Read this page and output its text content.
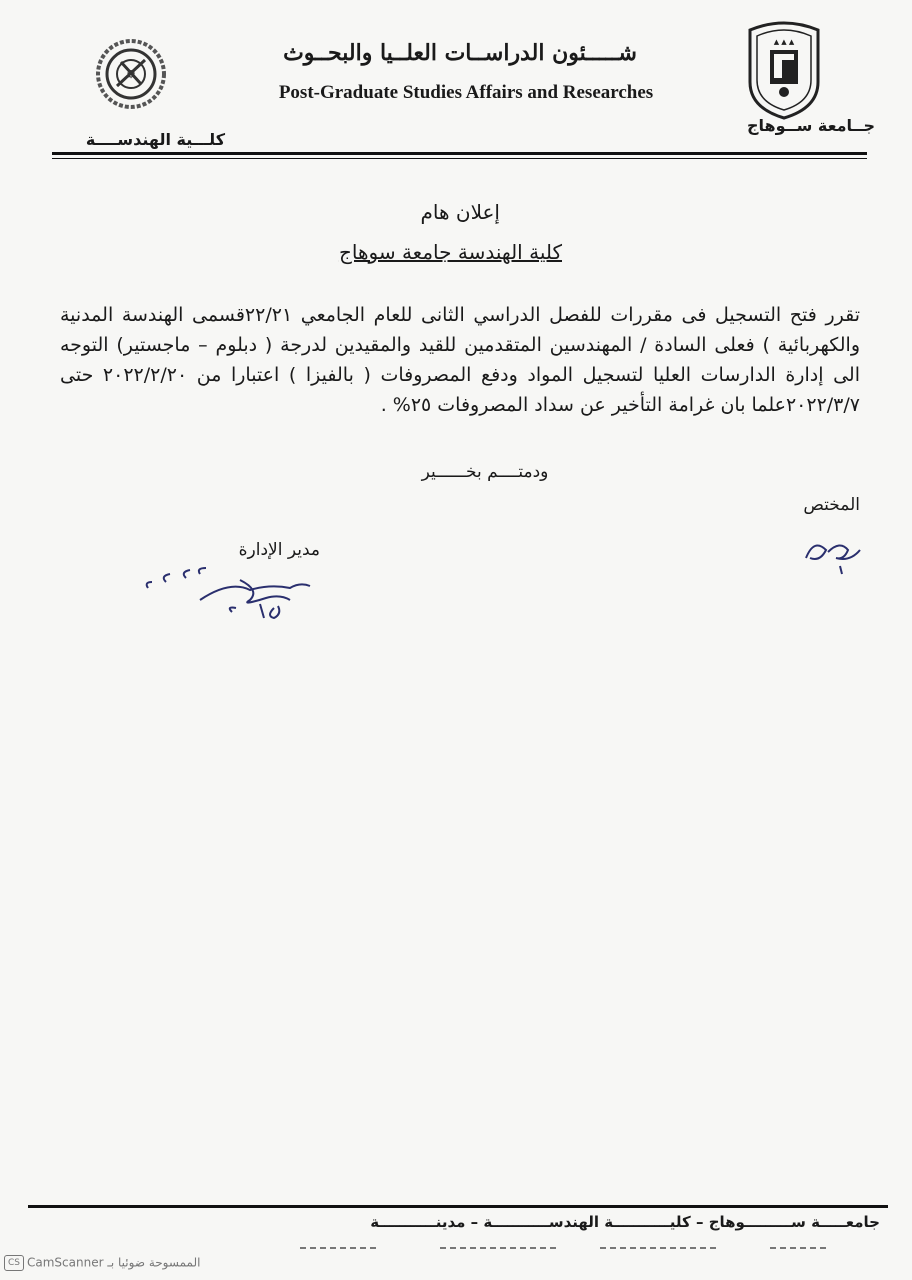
▲ ▲ ▲
⚙
شـــــئون الدراســات العلــيا والبحــوث
Post-Graduate Studies Affairs and Researches
جــامعة ســوهاج
كلـــية الهندســــة
إعلان هام
كلية الهندسة جامعة سوهاج
تقرر فتح التسجيل فى مقررات للفصل الدراسي الثانى للعام الجامعي ٢٢/٢١قسمى الهندسة المدنية والكهربائية ) فعلى السادة / المهندسين المتقدمين للقيد والمقيدين لدرجة ( دبلوم – ماجستير) التوجه الى إدارة الدارسات العليا لتسجيل المواد ودفع المصروفات ( بالفيزا ) اعتبارا من ٢٠٢٢/٢/٢٠ حتى ٢٠٢٢/٣/٧علما بان غرامة التأخير عن سداد المصروفات ٢٥% .
ودمتــــم بخــــــير
المختص
مدير الإدارة
جامعـــــة ســـــــــوهاج – كليـــــــــــة الهندســـــــــــة – مدينـــــــــــة
CS CamScanner الممسوحة ضوئيا بـ
